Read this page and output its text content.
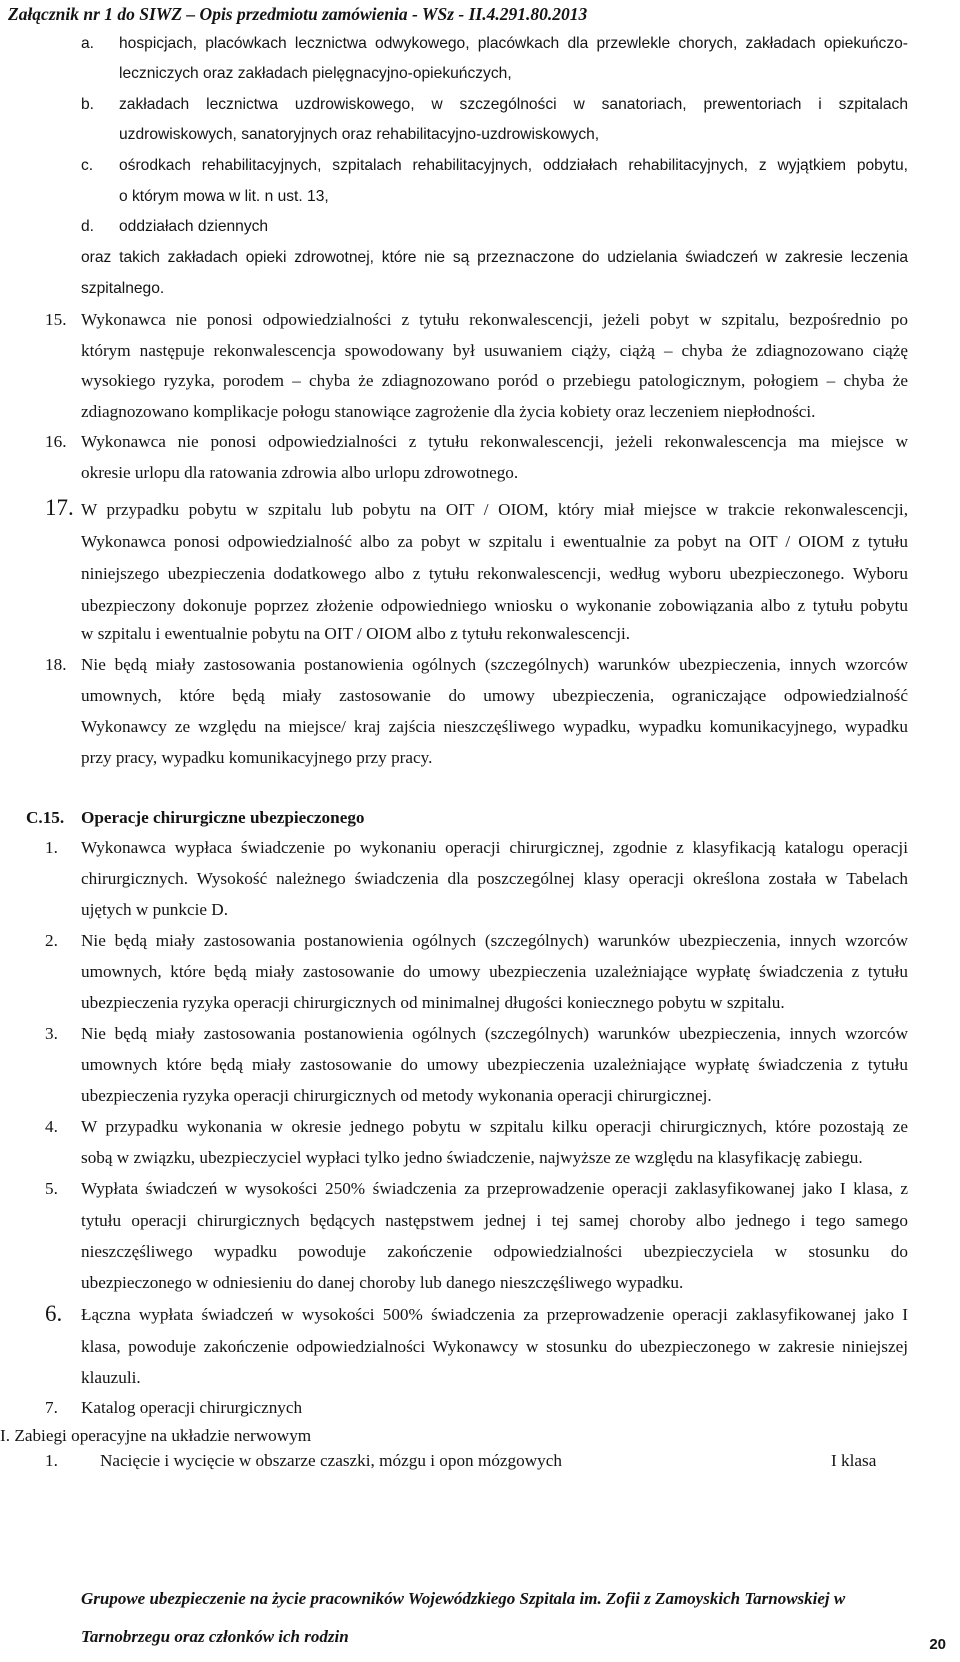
Załącznik nr 1 do SIWZ – Opis przedmiotu zamówienia - WSz - II.4.291.80.2013
a. hospicjach, placówkach lecznictwa odwykowego, placówkach dla przewlekle chorych, zakładach opiekuńczo-
leczniczych oraz zakładach pielęgnacyjno-opiekuńczych,
b. zakładach lecznictwa uzdrowiskowego, w szczególności w sanatoriach, prewentoriach i szpitalach
uzdrowiskowych, sanatoryjnych oraz rehabilitacyjno-uzdrowiskowych,
c. ośrodkach rehabilitacyjnych, szpitalach rehabilitacyjnych, oddziałach rehabilitacyjnych, z wyjątkiem pobytu,
o którym mowa w lit. n ust. 13,
d. oddziałach dziennych
oraz takich zakładach opieki zdrowotnej, które nie są przeznaczone do udzielania świadczeń w zakresie leczenia
szpitalnego.
15. Wykonawca nie ponosi odpowiedzialności z tytułu rekonwalescencji, jeżeli pobyt w szpitalu, bezpośrednio po
którym następuje rekonwalescencja spowodowany był usuwaniem ciąży, ciążą – chyba że zdiagnozowano ciążę
wysokiego ryzyka, porodem – chyba że zdiagnozowano poród o przebiegu patologicznym, połogiem – chyba że
zdiagnozowano komplikacje połogu stanowiące zagrożenie dla życia kobiety oraz leczeniem niepłodności.
16. Wykonawca nie ponosi odpowiedzialności z tytułu rekonwalescencji, jeżeli rekonwalescencja ma miejsce w
okresie urlopu dla ratowania zdrowia albo urlopu zdrowotnego.
17. W przypadku pobytu w szpitalu lub pobytu na OIT / OIOM, który miał miejsce w trakcie rekonwalescencji,
Wykonawca ponosi odpowiedzialność albo za pobyt w szpitalu i ewentualnie za pobyt na OIT / OIOM z tytułu
niniejszego ubezpieczenia dodatkowego albo z tytułu rekonwalescencji, według wyboru ubezpieczonego. Wyboru
ubezpieczony dokonuje poprzez złożenie odpowiedniego wniosku o wykonanie zobowiązania albo z tytułu pobytu
w szpitalu i ewentualnie pobytu na OIT / OIOM albo z tytułu rekonwalescencji.
18. Nie będą miały zastosowania postanowienia ogólnych (szczególnych) warunków ubezpieczenia, innych wzorców
umownych, które będą miały zastosowanie do umowy ubezpieczenia, ograniczające odpowiedzialność
Wykonawcy ze względu na miejsce/ kraj zajścia nieszczęśliwego wypadku, wypadku komunikacyjnego, wypadku
przy pracy, wypadku komunikacyjnego przy pracy.
C.15. Operacje chirurgiczne ubezpieczonego
1. Wykonawca wypłaca świadczenie po wykonaniu operacji chirurgicznej, zgodnie z klasyfikacją katalogu operacji
chirurgicznych. Wysokość należnego świadczenia dla poszczególnej klasy operacji określona została w Tabelach
ujętych w punkcie D.
2. Nie będą miały zastosowania postanowienia ogólnych (szczególnych) warunków ubezpieczenia, innych wzorców
umownych, które będą miały zastosowanie do umowy ubezpieczenia uzależniające wypłatę świadczenia z tytułu
ubezpieczenia ryzyka operacji chirurgicznych od minimalnej długości koniecznego pobytu w szpitalu.
3. Nie będą miały zastosowania postanowienia ogólnych (szczególnych) warunków ubezpieczenia, innych wzorców
umownych które będą miały zastosowanie do umowy ubezpieczenia uzależniające wypłatę świadczenia z tytułu
ubezpieczenia ryzyka operacji chirurgicznych od metody wykonania operacji chirurgicznej.
4. W przypadku wykonania w okresie jednego pobytu w szpitalu kilku operacji chirurgicznych, które pozostają ze
sobą w związku, ubezpieczyciel wypłaci tylko jedno świadczenie, najwyższe ze względu na klasyfikację zabiegu.
5. Wypłata świadczeń w wysokości 250% świadczenia za przeprowadzenie operacji zaklasyfikowanej jako I klasa, z
tytułu operacji chirurgicznych będących następstwem jednej i tej samej choroby albo jednego i tego samego
nieszczęśliwego wypadku powoduje zakończenie odpowiedzialności ubezpieczyciela w stosunku do
ubezpieczonego w odniesieniu do danej choroby lub danego nieszczęśliwego wypadku.
6. Łączna wypłata świadczeń w wysokości 500% świadczenia za przeprowadzenie operacji zaklasyfikowanej jako I
klasa, powoduje zakończenie odpowiedzialności Wykonawcy w stosunku do ubezpieczonego w zakresie niniejszej
klauzuli.
7. Katalog operacji chirurgicznych
I. Zabiegi operacyjne na układzie nerwowym
1. Nacięcie i wycięcie w obszarze czaszki, mózgu i opon mózgowych	I klasa
Grupowe ubezpieczenie na życie pracowników Wojewódzkiego Szpitala im. Zofii z Zamoyskich Tarnowskiej w
Tarnobrzegu oraz członków ich rodzin	20
